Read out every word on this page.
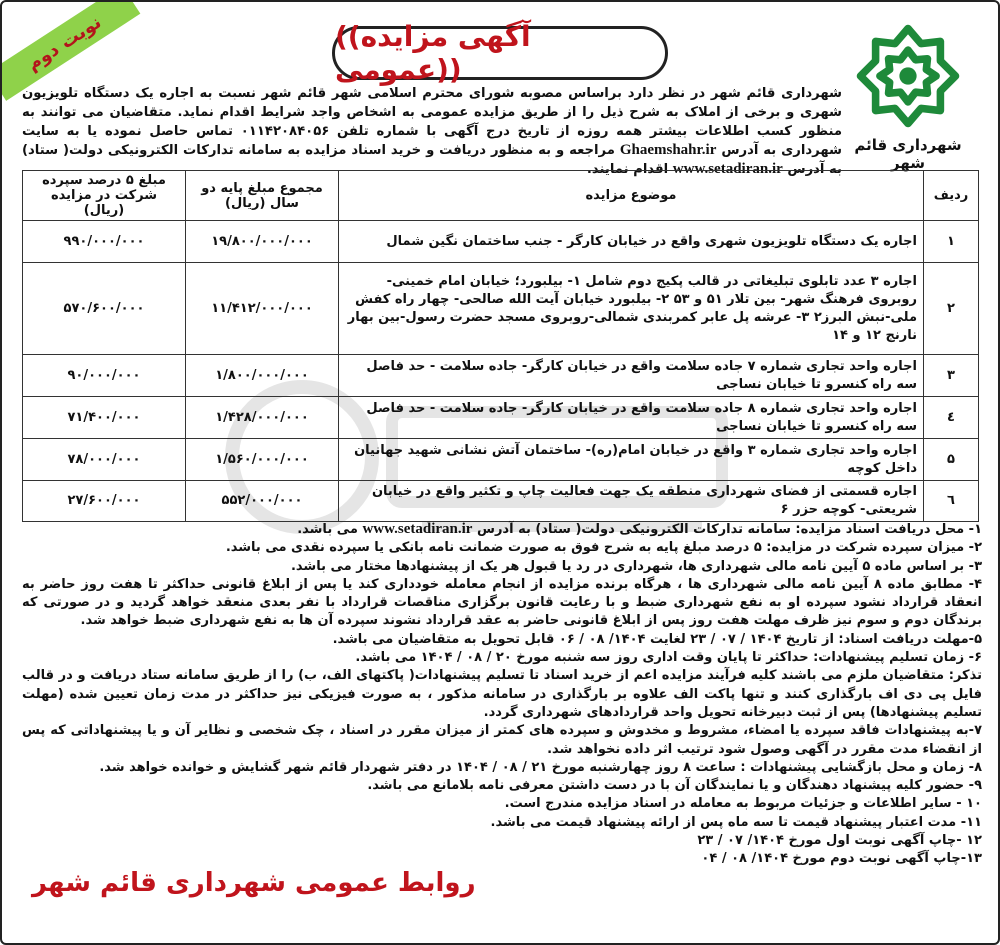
نوبت دوم	((آگهی مزایده عمومی))
شهرداری قائم شهر
شهرداری قائم شهر در نظر دارد براساس مصوبه شورای محترم اسلامی شهر قائم شهر نسبت به اجاره یک دستگاه تلویزیون شهری و برخی از املاک به شرح ذیل را از طریق مزایده عمومی به اشخاص واجد شرایط اقدام نماید. متقاضیان می توانند به منظور کسب اطلاعات بیشتر همه روزه از تاریخ درج آگهی با شماره تلفن ۰۱۱۴۲۰۸۴۰۵۶ تماس حاصل نموده یا به سایت شهرداری به آدرس Ghaemshahr.ir مراجعه و به منظور دریافت و خرید اسناد مزایده به سامانه تدارکات الکترونیکی دولت( ستاد) به آدرس www.setadiran.ir اقدام نمایند.
ردیف	موضوع مزایده	مجموع مبلغ پایه دو سال (ریال)	مبلغ ۵ درصد سپرده شرکت در مزایده (ریال)
۱	اجاره یک دستگاه تلویزیون شهری واقع در خیابان کارگر - جنب ساختمان نگین شمال	۱۹/۸۰۰/۰۰۰/۰۰۰	۹۹۰/۰۰۰/۰۰۰
۲	اجاره ۳ عدد تابلوی تبلیغاتی در قالب پکیج دوم شامل ۱- بیلبورد؛ خیابان امام خمینی- روبروی فرهنگ شهر- بین تلار ۵۱ و ۵۳ ۲- بیلبورد خیابان آیت الله صالحی- چهار راه کفش ملی-نبش البرز۲ ۳- عرشه پل عابر کمربندی شمالی-روبروی مسجد حضرت رسول-بین بهار نارنج ۱۲ و ۱۴	۱۱/۴۱۲/۰۰۰/۰۰۰	۵۷۰/۶۰۰/۰۰۰
۳	اجاره واحد تجاری شماره ۷ جاده سلامت واقع در خیابان کارگر- جاده سلامت - حد فاصل سه راه کنسرو تا خیابان نساجی	۱/۸۰۰/۰۰۰/۰۰۰	۹۰/۰۰۰/۰۰۰
٤	اجاره واحد تجاری شماره ۸ جاده سلامت واقع در خیابان کارگر- جاده سلامت - حد فاصل سه راه کنسرو تا خیابان نساجی	۱/۴۲۸/۰۰۰/۰۰۰	۷۱/۴۰۰/۰۰۰
۵	اجاره واحد تجاری شماره ۳ واقع در خیابان امام(ره)- ساختمان آتش نشانی شهید جهانیان داخل کوچه	۱/۵۶۰/۰۰۰/۰۰۰	۷۸/۰۰۰/۰۰۰
٦	اجاره قسمتی از فضای شهرداری منطقه یک جهت فعالیت چاپ و تکثیر واقع در خیابان شریعتی- کوچه حزر ۶	۵۵۲/۰۰۰/۰۰۰	۲۷/۶۰۰/۰۰۰

۱- محل دریافت اسناد مزایده: سامانه تدارکات الکترونیکی دولت( ستاد) به آدرس www.setadiran.ir می باشد.

۲- میزان سپرده شرکت در مزایده: ۵ درصد مبلغ پایه به شرح فوق به صورت ضمانت نامه بانکی یا سپرده نقدی می باشد.

۳- بر اساس ماده ۵ آیین نامه مالی شهرداری ها، شهرداری در رد یا قبول هر یک از پیشنهادها مختار می باشد.

۴- مطابق ماده ۸ آیین نامه مالی شهرداری ها ، هرگاه برنده مزایده از انجام معامله خودداری کند یا پس از ابلاغ قانونی حداکثر تا هفت روز حاضر به انعقاد قرارداد نشود سپرده او به نفع شهرداری ضبط و با رعایت قانون برگزاری مناقصات قرارداد با نفر بعدی منعقد خواهد گردید و در صورتی که برندگان دوم و سوم نیز ظرف مهلت هفت روز پس از ابلاغ قانونی حاضر به عقد قرارداد نشوند سپرده آن ها به نفع شهرداری ضبط خواهد شد.

۵-مهلت دریافت اسناد: از تاریخ ۱۴۰۴ / ۰۷ / ۲۳ لغایت ۱۴۰۴/ ۰۸ / ۰۶ قابل تحویل به متقاضیان می باشد.

۶- زمان تسلیم پیشنهادات: حداکثر تا پایان وقت اداری روز سه شنبه مورخ ۲۰ / ۰۸ / ۱۴۰۴ می باشد.

تذکر: متقاضیان ملزم می باشند کلیه فرآیند مزایده اعم از خرید اسناد تا تسلیم پیشنهادات( پاکتهای الف، ب) را از طریق سامانه ستاد دریافت و در قالب فایل پی دی اف بارگذاری کنند و تنها پاکت الف علاوه بر بارگذاری در سامانه مذکور ، به صورت فیزیکی نیز حداکثر در مدت زمان تعیین شده (مهلت تسلیم پیشنهادها) پس از ثبت دبیرخانه تحویل واحد قراردادهای شهرداری گردد.

۷-به پیشنهادات فاقد سپرده یا امضاء، مشروط و مخدوش و سپرده های کمتر از میزان مقرر در اسناد ، چک شخصی و نظایر آن و یا پیشنهاداتی که پس از انقضاء مدت مقرر در آگهی وصول شود ترتیب اثر داده نخواهد شد.

۸- زمان و محل بازگشایی پیشنهادات : ساعت ۸ روز چهارشنبه مورخ ۲۱ / ۰۸ / ۱۴۰۴ در دفتر شهردار قائم شهر گشایش و خوانده خواهد شد.

۹- حضور کلیه پیشنهاد دهندگان و یا نمایندگان آن با در دست داشتن معرفی نامه بلامانع می باشد.

۱۰ - سایر اطلاعات و جزئیات مربوط به معامله در اسناد مزایده مندرج است.

۱۱- مدت اعتبار پیشنهاد قیمت تا سه ماه پس از ارائه پیشنهاد قیمت می باشد.

۱۲ -چاپ آگهی نوبت اول مورخ ۱۴۰۴/ ۰۷ / ۲۳

۱۳-چاپ آگهی نوبت دوم مورخ ۱۴۰۴/ ۰۸ / ۰۴

روابط عمومی شهرداری قائم شهر
